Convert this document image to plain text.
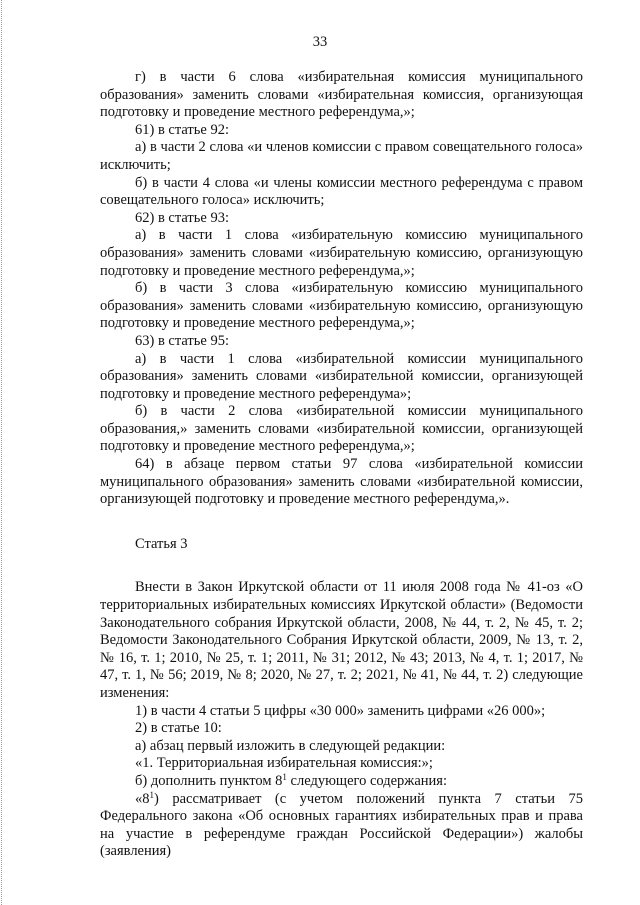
33

г) в части 6 слова «избирательная комиссия муниципального образования» заменить словами «избирательная комиссия, организующая подготовку и проведение местного референдума,»;

61) в статье 92:

а) в части 2 слова «и членов комиссии с правом совещательного голоса» исключить;

б) в части 4 слова «и члены комиссии местного референдума с правом совещательного голоса» исключить;

62) в статье 93:

а) в части 1 слова «избирательную комиссию муниципального образования» заменить словами «избирательную комиссию, организующую подготовку и проведение местного референдума,»;

б) в части 3 слова «избирательную комиссию муниципального образования» заменить словами «избирательную комиссию, организующую подготовку и проведение местного референдума,»;

63) в статье 95:

а) в части 1 слова «избирательной комиссии муниципального образования» заменить словами «избирательной комиссии, организующей подготовку и проведение местного референдума»;

б) в части 2 слова «избирательной комиссии муниципального образования,» заменить словами «избирательной комиссии, организующей подготовку и проведение местного референдума,»;

64) в абзаце первом статьи 97 слова «избирательной комиссии муниципального образования» заменить словами «избирательной комиссии, организующей подготовку и проведение местного референдума,».

Статья 3

Внести в Закон Иркутской области от 11 июля 2008 года № 41-оз «О территориальных избирательных комиссиях Иркутской области» (Ведомости Законодательного собрания Иркутской области, 2008, № 44, т. 2, № 45, т. 2; Ведомости Законодательного Собрания Иркутской области, 2009, № 13, т. 2, № 16, т. 1; 2010, № 25, т. 1; 2011, № 31; 2012, № 43; 2013, № 4, т. 1; 2017, № 47, т. 1, № 56; 2019, № 8; 2020, № 27, т. 2; 2021, № 41, № 44, т. 2) следующие изменения:

1) в части 4 статьи 5 цифры «30 000» заменить цифрами «26 000»;

2) в статье 10:

а) абзац первый изложить в следующей редакции:

«1. Территориальная избирательная комиссия:»;

б) дополнить пунктом $8^1$ следующего содержания:

«$8^1$) рассматривает (с учетом положений пункта 7 статьи 75 Федерального закона «Об основных гарантиях избирательных прав и права на участие в референдуме граждан Российской Федерации») жалобы (заявления)
